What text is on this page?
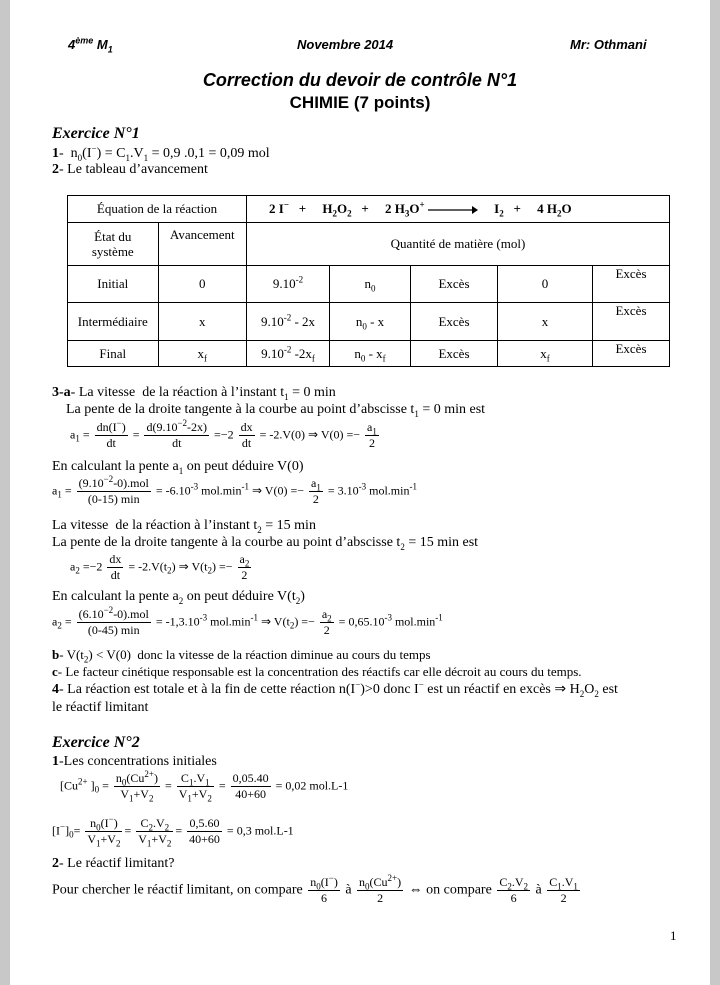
4ème $M_1$	Novembre 2014	Mr: Othmani
Correction du devoir de contrôle N°1
CHIMIE (7 points)
Exercice N°1
1-  $n_0(I^-) = C_1.V_1 = 0,9$ .0,1 = 0,09 mol
2- Le tableau d’avancement
Équation de la réaction		2 I−   +     $H_2O_2$   +     2 $H_3O^+ \to I_2$   +     4 $H_2O$				
État du système	Avancement	Quantité de matière (mol)				
Initial	0	$9.10^{-2}$	$n_0$	Excès	0	Excès
Intermédiaire	x	$9.10^{-2} - 2x$	$n_0$ - x	Excès	x	Excès
Final	$x_f$	$9.10^{-2}$ $-2x_f$	$n_0 - x_f$	Excès	$x_f$	Excès
3-a- La vitesse  de la réaction à l’instant $t_1 = 0$ min
La pente de la droite tangente à la courbe au point d’abscisse $t_1 = 0$ min est
$a_1 = \frac{dn(I^-)}{dt} = \frac{d(9.10^{-2}-2x)}{dt} =-2 \frac{dx}{dt} = -2.V(0)$ ⇒ $V(0) =- \frac{a_1}{2}$
En calculant la pente $a_1$ on peut déduire V(0)
$a_1 = \frac{(9.10^{-2}-0).mol}{(0-15) \min} = -6.10^{-3}$ $mol.\min^{-1}$ ⇒ $V(0) =- \frac{a_1}{2} = 3.10^{-3}$ $mol.\min^{-1}$
La vitesse  de la réaction à l’instant $t_2 = 15$ min
La pente de la droite tangente à la courbe au point d’abscisse $t_2 = 15$ min est
$a_2 =-2 \frac{dx}{dt} = -2.V(t_2)$ ⇒ $V(t_2) =- \frac{a_2}{2}$
En calculant la pente $a_2$ on peut déduire $V(t_2)$
$a_2 = \frac{(6.10^{-2}-0).mol}{(0-45) \min} = -1,3.10^{-3}$ $mol.\min^{-1}$ ⇒ $V(t_2) =- \frac{a_2}{2} = 0,65.10^{-3}$ $mol.\min^{-1}$
b- $V(t_2) < V(0)$  donc la vitesse de la réaction diminue au cours du temps
c- Le facteur cinétique responsable est la concentration des réactifs car elle décroit au cours du temps.
4- La réaction est totale et à la fin de cette réaction n(I−)>0 donc I− est un réactif en excès ⇒ $H_2O_2$ est
le réactif limitant
Exercice N°2
1-Les concentrations initiales
[$Cu^{2+}$ ]$_0 = \frac{n_0(Cu^{2+})}{V_1+V_2} = \frac{C_1.V_1}{V_1+V_2} = \frac{0,05.40}{40+60} = 0,02$ mol.L-1
$[I^-]_0= \frac{n_0(I^-)}{V_1+V_2} = \frac{C_2.V_2}{V_1+V_2} = \frac{0,5.60}{40+60} = 0,3$ mol.L-1
2- Le réactif limitant?
Pour chercher le réactif limitant, on compare $\frac{n_0(I^-)}{6}$ à $\frac{n_0(Cu^{2+})}{2}$ ⇔ on compare $\frac{C_2.V_2}{6}$ à $\frac{C_1.V_1}{2}$
1
